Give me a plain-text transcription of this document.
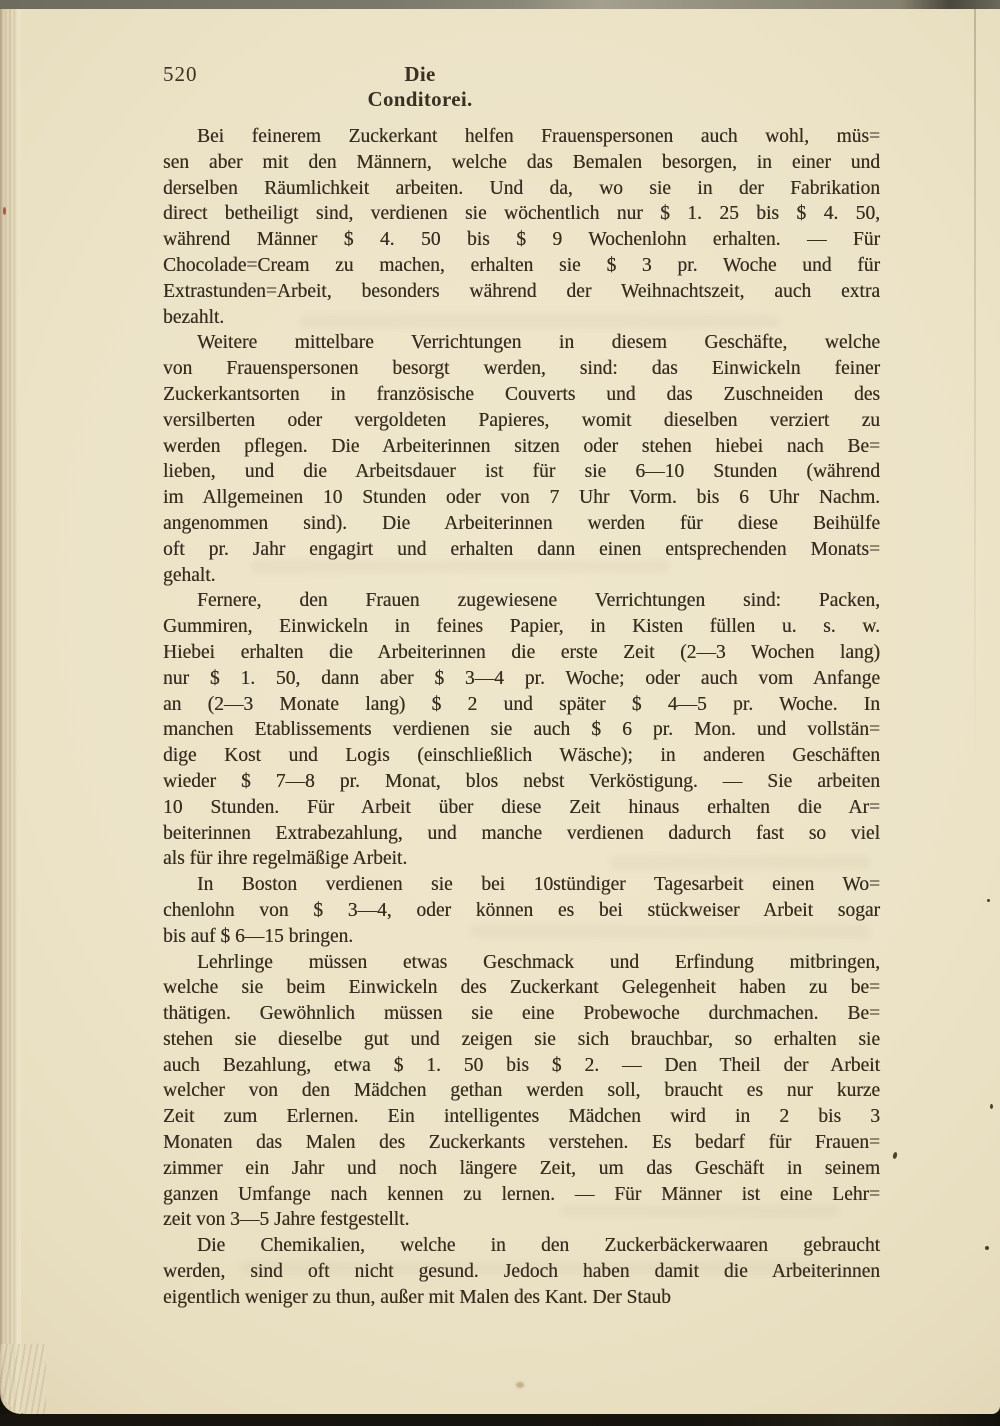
520	Die Conditorei.
Bei feinerem Zuckerkant helfen Frauenspersonen auch wohl, müs=
sen aber mit den Männern, welche das Bemalen besorgen, in einer und
derselben Räumlichkeit arbeiten. Und da, wo sie in der Fabrikation
direct betheiligt sind, verdienen sie wöchentlich nur $ 1. 25 bis $ 4. 50,
während Männer $ 4. 50 bis $ 9 Wochenlohn erhalten. — Für
Chocolade=Cream zu machen, erhalten sie $ 3 pr. Woche und für
Extrastunden=Arbeit, besonders während der Weihnachtszeit, auch extra
bezahlt.
Weitere mittelbare Verrichtungen in diesem Geschäfte, welche
von Frauenspersonen besorgt werden, sind: das Einwickeln feiner
Zuckerkantsorten in französische Couverts und das Zuschneiden des
versilberten oder vergoldeten Papieres, womit dieselben verziert zu
werden pflegen. Die Arbeiterinnen sitzen oder stehen hiebei nach Be=
lieben, und die Arbeitsdauer ist für sie 6—10 Stunden (während
im Allgemeinen 10 Stunden oder von 7 Uhr Vorm. bis 6 Uhr Nachm.
angenommen sind). Die Arbeiterinnen werden für diese Beihülfe
oft pr. Jahr engagirt und erhalten dann einen entsprechenden Monats=
gehalt.
Fernere, den Frauen zugewiesene Verrichtungen sind: Packen,
Gummiren, Einwickeln in feines Papier, in Kisten füllen u. s. w.
Hiebei erhalten die Arbeiterinnen die erste Zeit (2—3 Wochen lang)
nur $ 1. 50, dann aber $ 3—4 pr. Woche; oder auch vom Anfange
an (2—3 Monate lang) $ 2 und später $ 4—5 pr. Woche. In
manchen Etablissements verdienen sie auch $ 6 pr. Mon. und vollstän=
dige Kost und Logis (einschließlich Wäsche); in anderen Geschäften
wieder $ 7—8 pr. Monat, blos nebst Verköstigung. — Sie arbeiten
10 Stunden. Für Arbeit über diese Zeit hinaus erhalten die Ar=
beiterinnen Extrabezahlung, und manche verdienen dadurch fast so viel
als für ihre regelmäßige Arbeit.
In Boston verdienen sie bei 10stündiger Tagesarbeit einen Wo=
chenlohn von $ 3—4, oder können es bei stückweiser Arbeit sogar
bis auf $ 6—15 bringen.
Lehrlinge müssen etwas Geschmack und Erfindung mitbringen,
welche sie beim Einwickeln des Zuckerkant Gelegenheit haben zu be=
thätigen. Gewöhnlich müssen sie eine Probewoche durchmachen. Be=
stehen sie dieselbe gut und zeigen sie sich brauchbar, so erhalten sie
auch Bezahlung, etwa $ 1. 50 bis $ 2. — Den Theil der Arbeit
welcher von den Mädchen gethan werden soll, braucht es nur kurze
Zeit zum Erlernen. Ein intelligentes Mädchen wird in 2 bis 3
Monaten das Malen des Zuckerkants verstehen. Es bedarf für Frauen=
zimmer ein Jahr und noch längere Zeit, um das Geschäft in seinem
ganzen Umfange nach kennen zu lernen. — Für Männer ist eine Lehr=
zeit von 3—5 Jahre festgestellt.
Die Chemikalien, welche in den Zuckerbäckerwaaren gebraucht
werden, sind oft nicht gesund. Jedoch haben damit die Arbeiterinnen
eigentlich weniger zu thun, außer mit Malen des Kant. Der Staub
